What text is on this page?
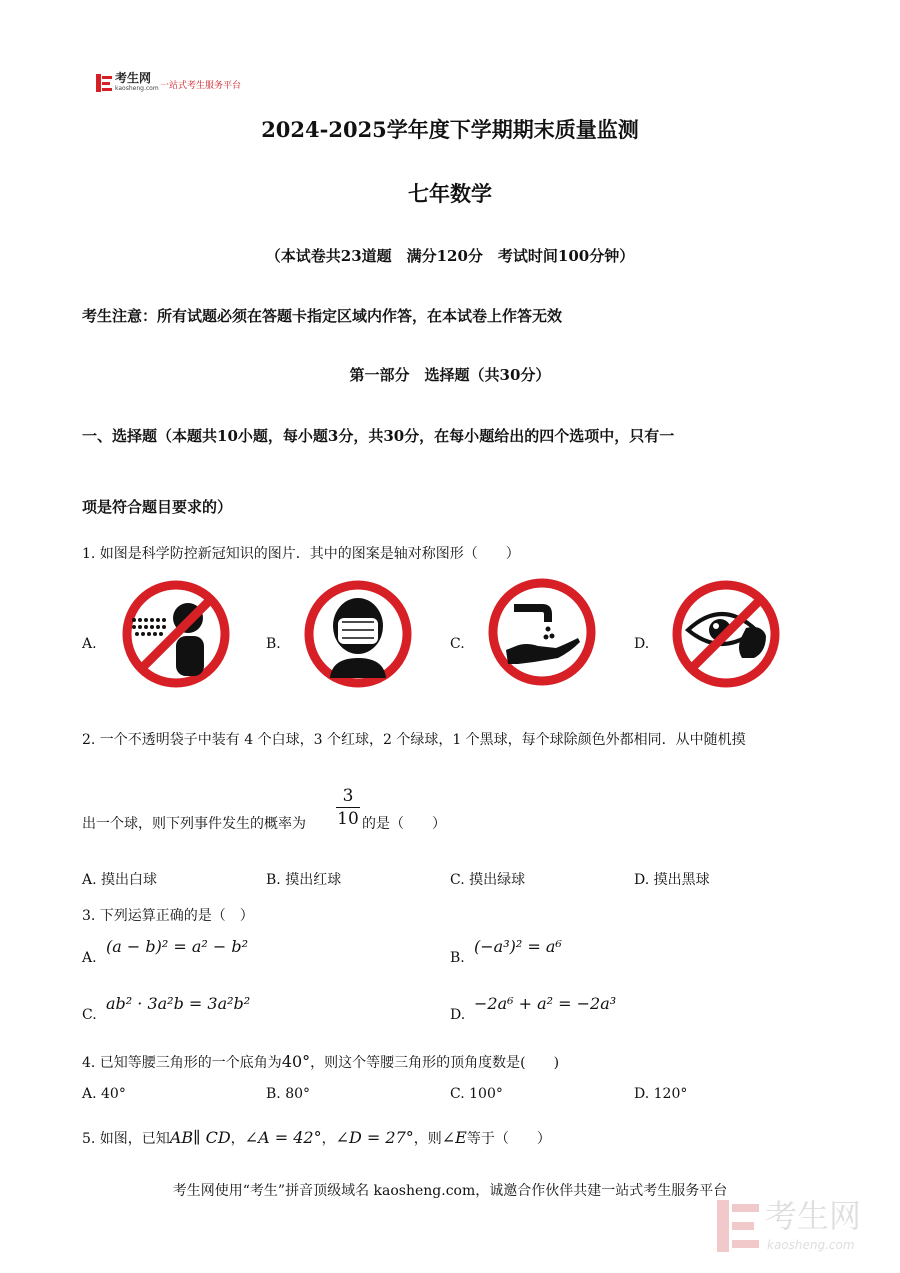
考生网
kaosheng.com 一站式考生服务平台
2024-2025学年度下学期期末质量监测
七年数学
（本试卷共23道题　满分120分　考试时间100分钟）
考生注意：所有试题必须在答题卡指定区域内作答，在本试卷上作答无效
第一部分　选择题（共30分）
一、选择题（本题共10小题，每小题3分，共30分，在每小题给出的四个选项中，只有一
项是符合题目要求的）
1. 如图是科学防控新冠知识的图片．其中的图案是轴对称图形（　　）
A.	B.	C.	D.
2. 一个不透明袋子中装有 4 个白球，3 个红球，2 个绿球，1 个黑球，每个球除颜色外都相同．从中随机摸
出一个球，则下列事件发生的概率为
3
10 的是（　　）
A. 摸出白球	B. 摸出红球	C. 摸出绿球	D. 摸出黑球
3. 下列运算正确的是（　）
A.
(a − b)² = a² − b²
B.
(−a³)² = a⁶
C.
ab² · 3a²b = 3a²b²
D.
−2a⁶ + a² = −2a³
4. 已知等腰三角形的一个底角为40°，则这个等腰三角形的顶角度数是(　　)
A. 40°	B. 80°	C. 100°	D. 120°
5. 如图，已知AB∥ CD，∠A = 42°，∠D = 27°，则∠E等于（　　）
考生网使用“考生”拼音顶级域名 kaosheng.com，诚邀合作伙伴共建一站式考生服务平台
考生网
kaosheng.com
